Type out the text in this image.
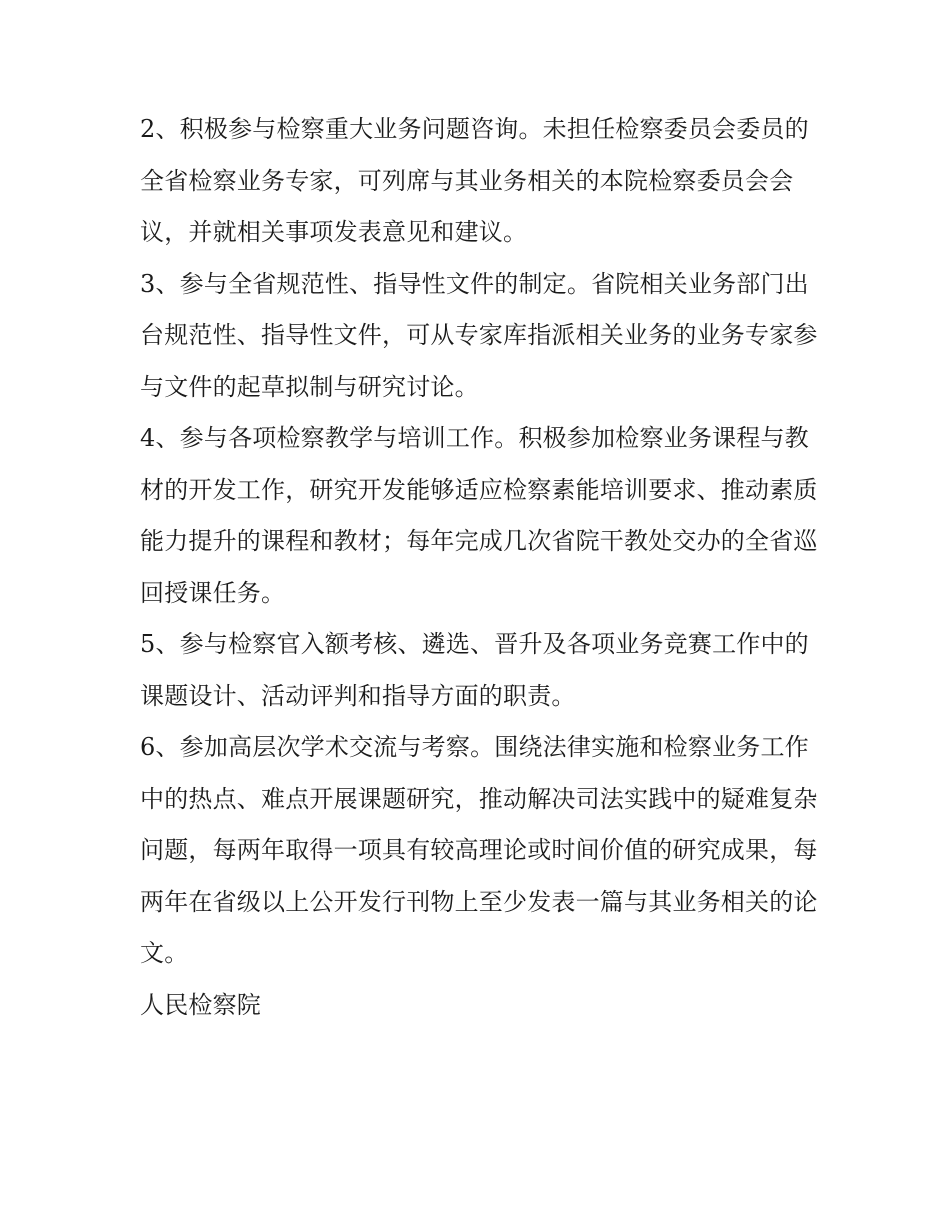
2、积极参与检察重大业务问题咨询。未担任检察委员会委员的全省检察业务专家，可列席与其业务相关的本院检察委员会会议，并就相关事项发表意见和建议。

3、参与全省规范性、指导性文件的制定。省院相关业务部门出台规范性、指导性文件，可从专家库指派相关业务的业务专家参与文件的起草拟制与研究讨论。

4、参与各项检察教学与培训工作。积极参加检察业务课程与教材的开发工作，研究开发能够适应检察素能培训要求、推动素质能力提升的课程和教材；每年完成几次省院干教处交办的全省巡回授课任务。

5、参与检察官入额考核、遴选、晋升及各项业务竞赛工作中的课题设计、活动评判和指导方面的职责。

6、参加高层次学术交流与考察。围绕法律实施和检察业务工作中的热点、难点开展课题研究，推动解决司法实践中的疑难复杂问题，每两年取得一项具有较高理论或时间价值的研究成果，每两年在省级以上公开发行刊物上至少发表一篇与其业务相关的论文。

人民检察院
